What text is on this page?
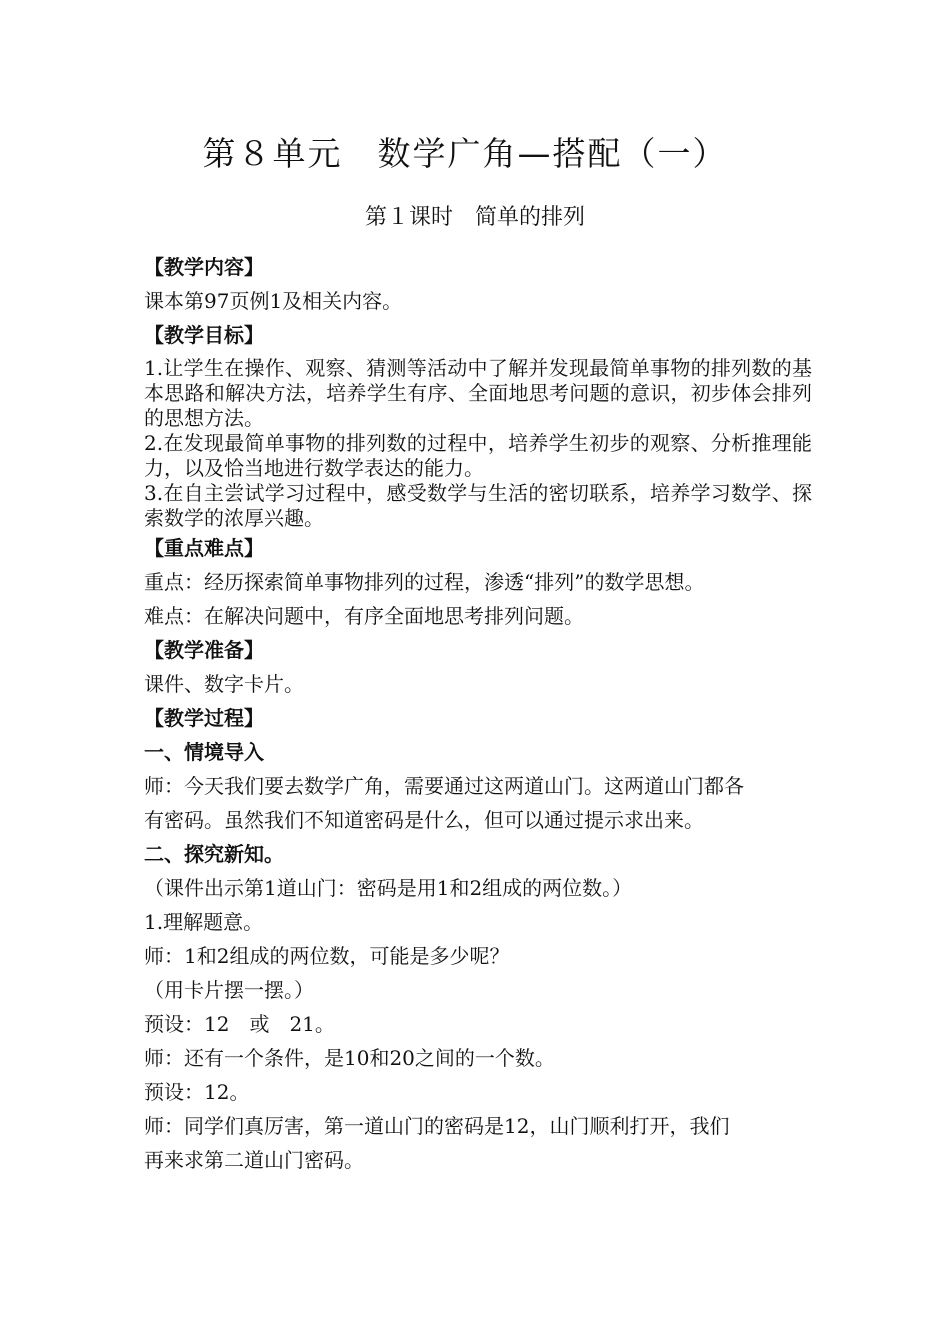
第８单元　数学广角—搭配（一）
第１课时　简单的排列
【教学内容】
课本第97页例1及相关内容。
【教学目标】
1.让学生在操作、观察、猜测等活动中了解并发现最简单事物的排列数的基本思路和解决方法，培养学生有序、全面地思考问题的意识，初步体会排列的思想方法。
2.在发现最简单事物的排列数的过程中，培养学生初步的观察、分析推理能力，以及恰当地进行数学表达的能力。
3.在自主尝试学习过程中，感受数学与生活的密切联系，培养学习数学、探索数学的浓厚兴趣。
【重点难点】
重点：经历探索简单事物排列的过程，渗透“排列”的数学思想。
难点：在解决问题中，有序全面地思考排列问题。
【教学准备】
课件、数字卡片。
【教学过程】
一、情境导入
师：今天我们要去数学广角，需要通过这两道山门。这两道山门都各
有密码。虽然我们不知道密码是什么，但可以通过提示求出来。
二、探究新知。
（课件出示第1道山门：密码是用1和2组成的两位数。）
1.理解题意。
师：1和2组成的两位数，可能是多少呢？
（用卡片摆一摆。）
预设：12　或　21。
师：还有一个条件，是10和20之间的一个数。
预设：12。
师：同学们真厉害，第一道山门的密码是12，山门顺利打开，我们
再来求第二道山门密码。
